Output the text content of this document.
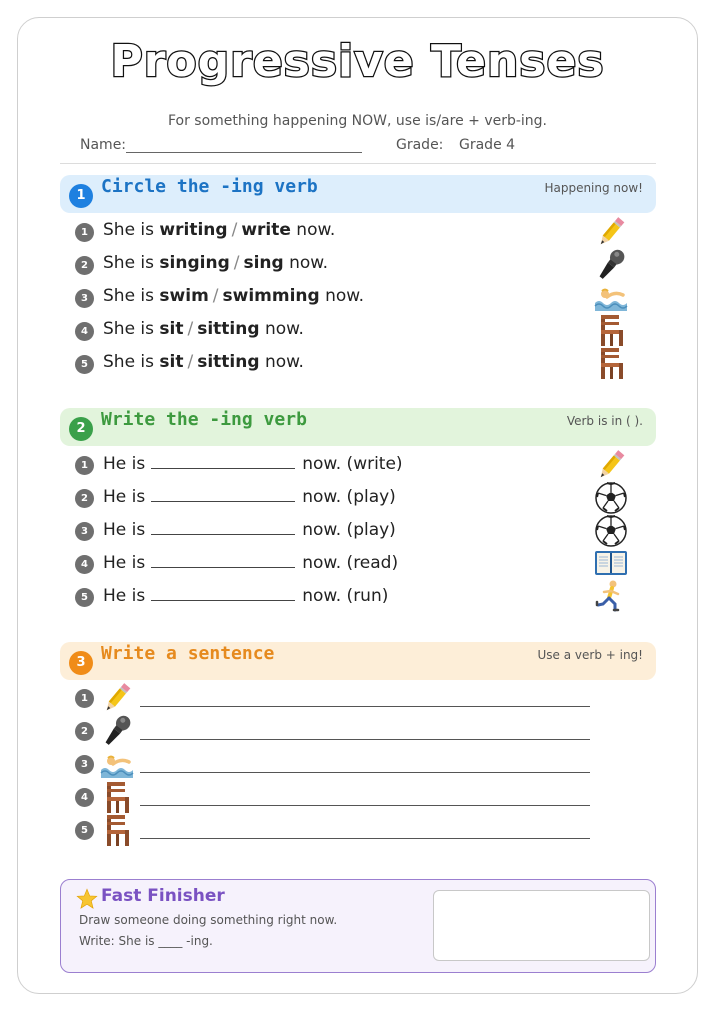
Progressive Tenses
For something happening NOW, use is/are + verb-ing.
Name:	Grade: Grade 4
1 Circle the -ing verb	Happening now!
1 She is writing / write now.
2 She is singing / sing now.
3 She is swim / swimming now.
4 She is sit / sitting now.
5 She is sit / sitting now.
2 Write the -ing verb	Verb is in ( ).
1 He is	now. (write)
2 He is	now. (play)
3 He is	now. (play)
4 He is	now. (read)
5 He is	now. (run)
3 Write a sentence	Use a verb + ing!
1
2
3
4
5
Fast Finisher
Draw someone doing something right now.
Write: She is ____ -ing.
